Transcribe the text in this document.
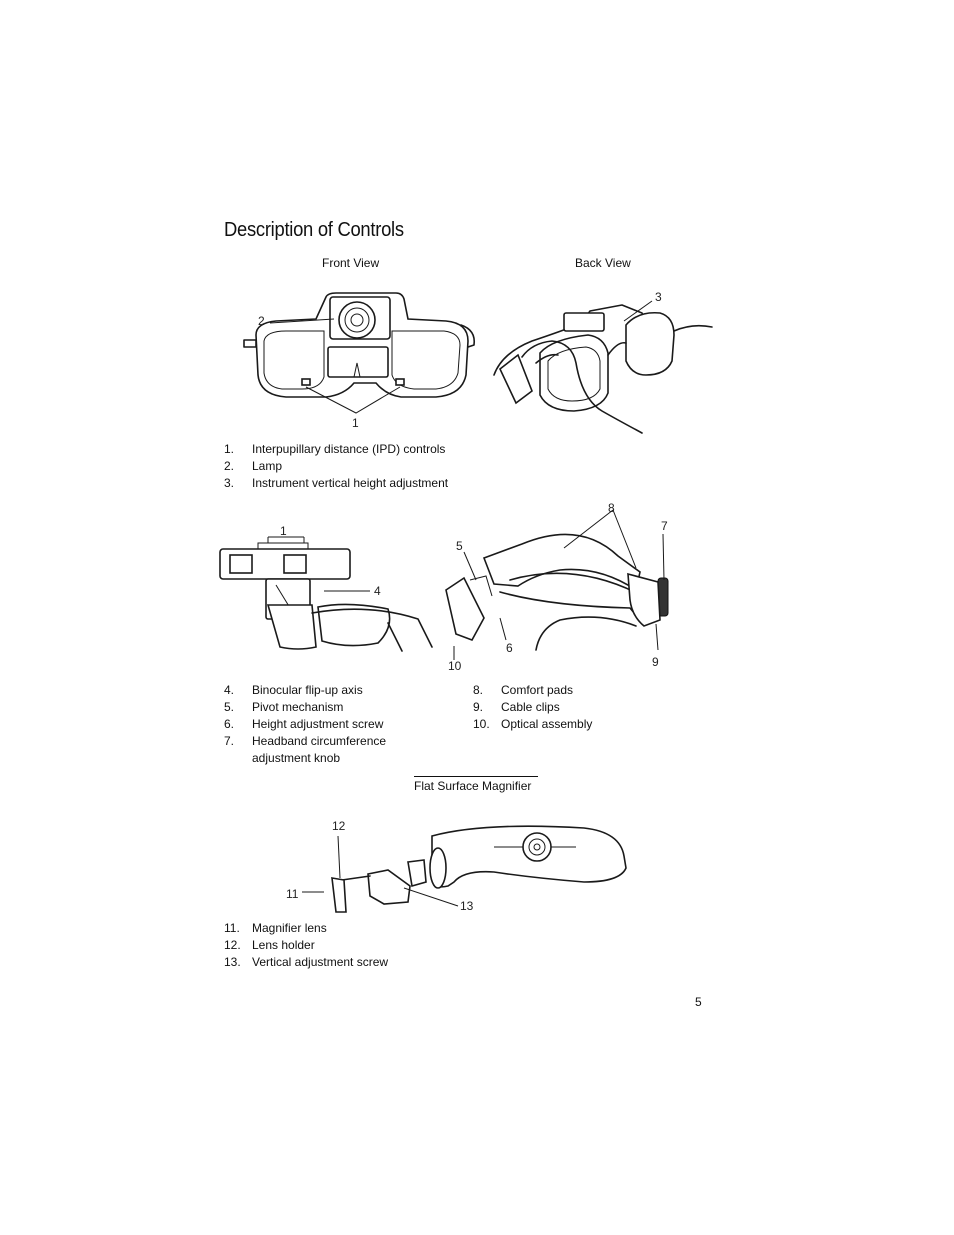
Description of Controls
Front View	Back View
1
2
3
1.	Interpupillary distance (IPD) controls
2.	Lamp
3.	Instrument vertical height adjustment
1
4
8
7
5
6
9
10
4.	Binocular flip-up axis
5.	Pivot mechanism
6.	Height adjustment screw
7.	Headband circumference adjustment knob
8.	Comfort pads
9.	Cable clips
10. Optical assembly
Flat Surface Magnifier
12
11
13
11.	Magnifier lens
12. Lens holder
13. Vertical adjustment screw
5
